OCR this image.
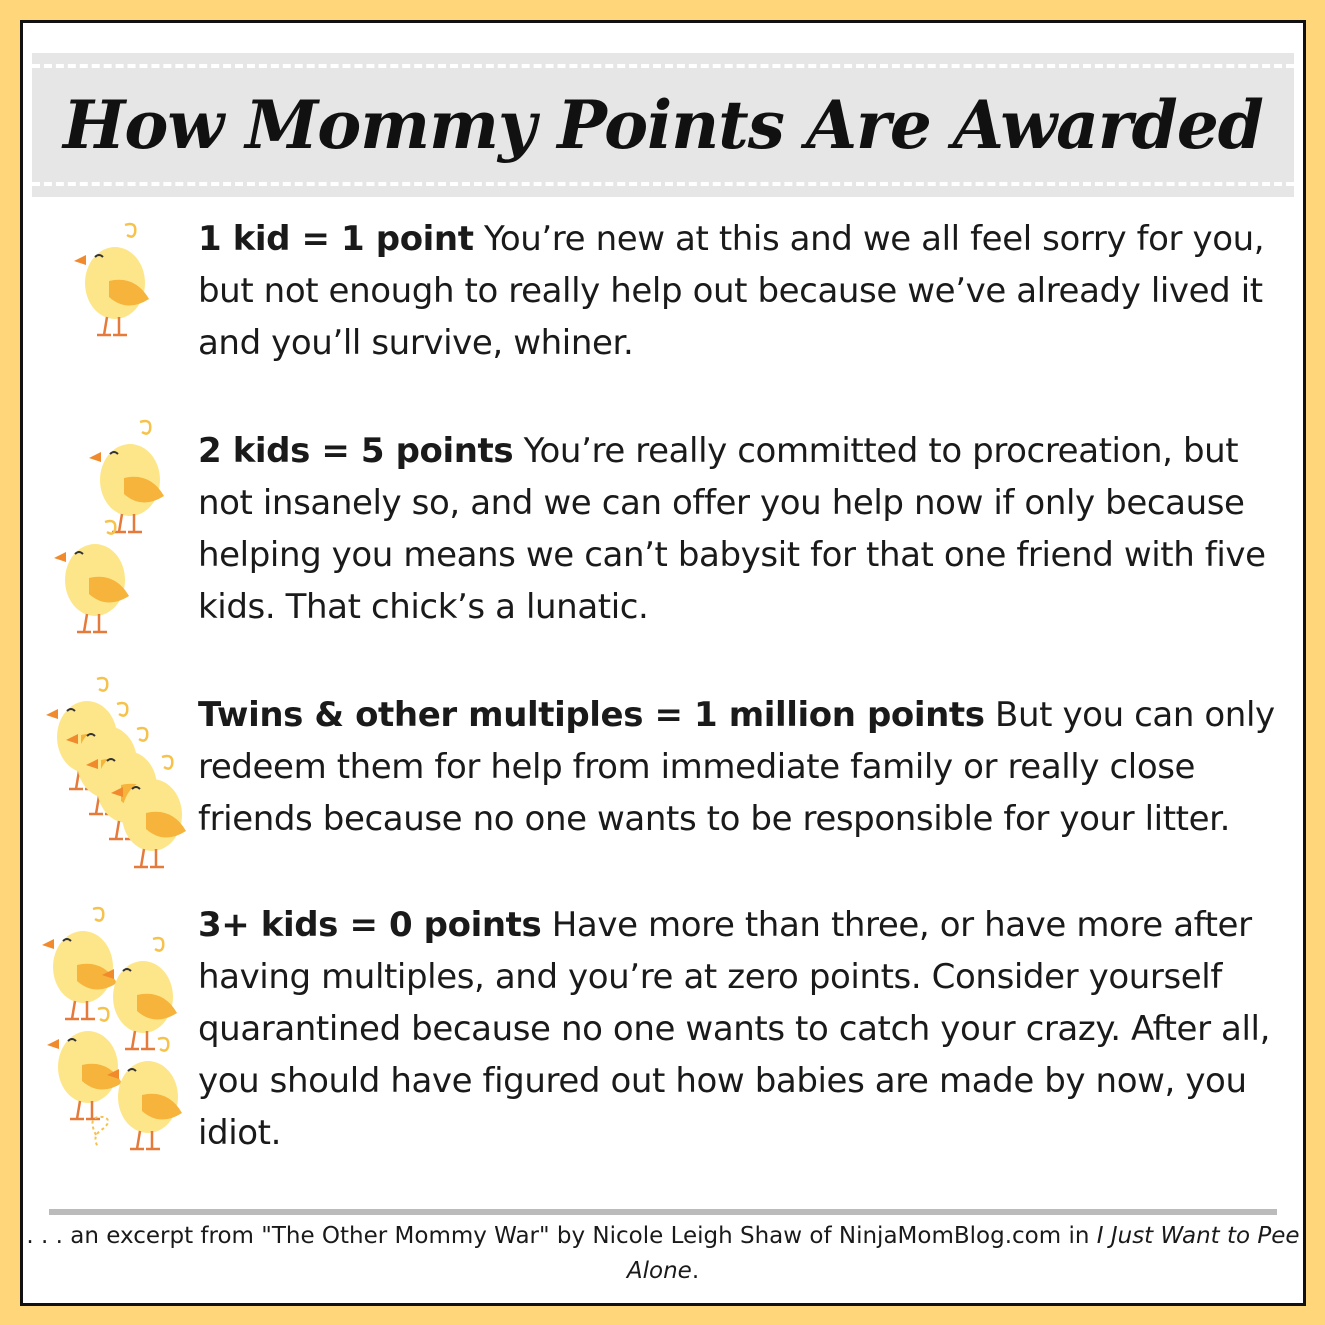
How Mommy Points Are Awarded
1 kid = 1 point You’re new at this and we all feel sorry for you, but not enough to really help out because we’ve already lived it and you’ll survive, whiner.
2 kids = 5 points You’re really committed to procreation, but not insanely so, and we can offer you help now if only because helping you means we can’t babysit for that one friend with five kids. That chick’s a lunatic.
Twins & other multiples = 1 million points But you can only redeem them for help from immediate family or really close friends because no one wants to be responsible for your litter.
3+ kids = 0 points Have more than three, or have more after having multiples, and you’re at zero points. Consider yourself quarantined because no one wants to catch your crazy. After all, you should have figured out how babies are made by now, you idiot.
. . . an excerpt from "The Other Mommy War" by Nicole Leigh Shaw of NinjaMomBlog.com in I Just Want to Pee Alone.
